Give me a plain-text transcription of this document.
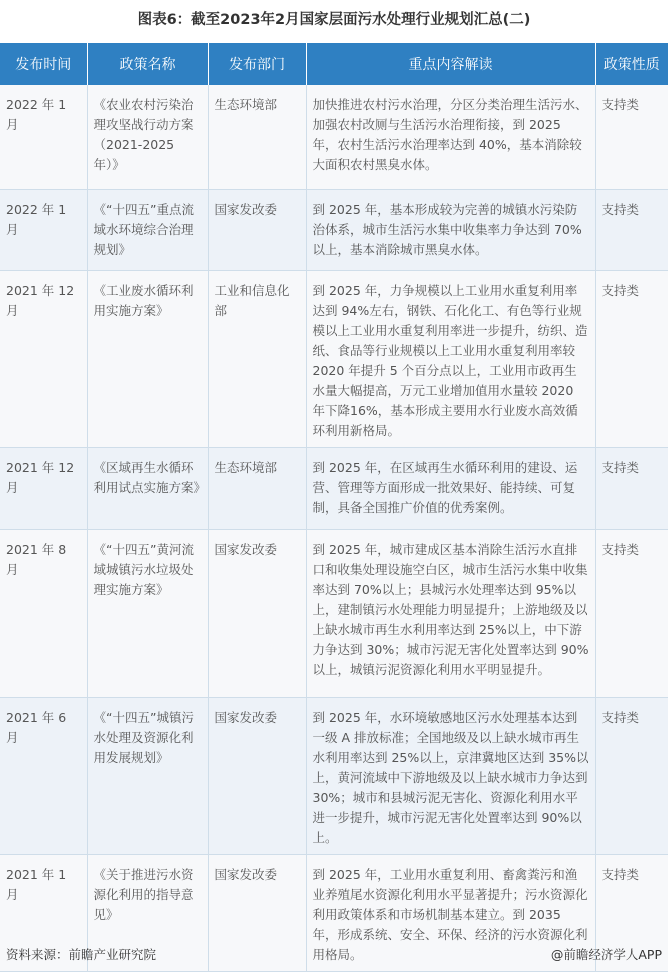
图表6：截至2023年2月国家层面污水处理行业规划汇总(二)
发布时间	政策名称	发布部门	重点内容解读	政策性质
2022 年 1 月	《农业农村污染治理攻坚战行动方案（2021-2025 年）》	生态环境部	加快推进农村污水治理，分区分类治理生活污水、加强农村改厕与生活污水治理衔接，到 2025 年，农村生活污水治理率达到 40%，基本消除较大面积农村黑臭水体。	支持类
2022 年 1 月	《“十四五”重点流域水环境综合治理规划》	国家发改委	到 2025 年，基本形成较为完善的城镇水污染防治体系，城市生活污水集中收集率力争达到 70%以上，基本消除城市黑臭水体。	支持类
2021 年 12 月	《工业废水循环利用实施方案》	工业和信息化部	到 2025 年，力争规模以上工业用水重复利用率达到 94%左右，钢铁、石化化工、有色等行业规模以上工业用水重复利用率进一步提升，纺织、造纸、食品等行业规模以上工业用水重复利用率较 2020 年提升 5 个百分点以上，工业用市政再生水量大幅提高，万元工业增加值用水量较 2020 年下降16%，基本形成主要用水行业废水高效循环利用新格局。	支持类
2021 年 12 月	《区域再生水循环利用试点实施方案》	生态环境部	到 2025 年，在区域再生水循环利用的建设、运营、管理等方面形成一批效果好、能持续、可复制，具备全国推广价值的优秀案例。	支持类
2021 年 8 月	《“十四五”黄河流域城镇污水垃圾处理实施方案》	国家发改委	到 2025 年，城市建成区基本消除生活污水直排口和收集处理设施空白区，城市生活污水集中收集率达到 70%以上；县城污水处理率达到 95%以上，建制镇污水处理能力明显提升；上游地级及以上缺水城市再生水利用率达到 25%以上，中下游力争达到 30%；城市污泥无害化处置率达到 90%以上，城镇污泥资源化利用水平明显提升。	支持类
2021 年 6 月	《“十四五”城镇污水处理及资源化利用发展规划》	国家发改委	到 2025 年，水环境敏感地区污水处理基本达到一级 A 排放标准；全国地级及以上缺水城市再生水利用率达到 25%以上，京津冀地区达到 35%以上，黄河流域中下游地级及以上缺水城市力争达到 30%；城市和县城污泥无害化、资源化利用水平进一步提升，城市污泥无害化处置率达到 90%以上。	支持类
2021 年 1 月	《关于推进污水资源化利用的指导意见》	国家发改委	到 2025 年，工业用水重复利用、畜禽粪污和渔业养殖尾水资源化利用水平显著提升；污水资源化利用政策体系和市场机制基本建立。到 2035 年，形成系统、安全、环保、经济的污水资源化利用格局。	支持类
资料来源：前瞻产业研究院	@前瞻经济学人APP
